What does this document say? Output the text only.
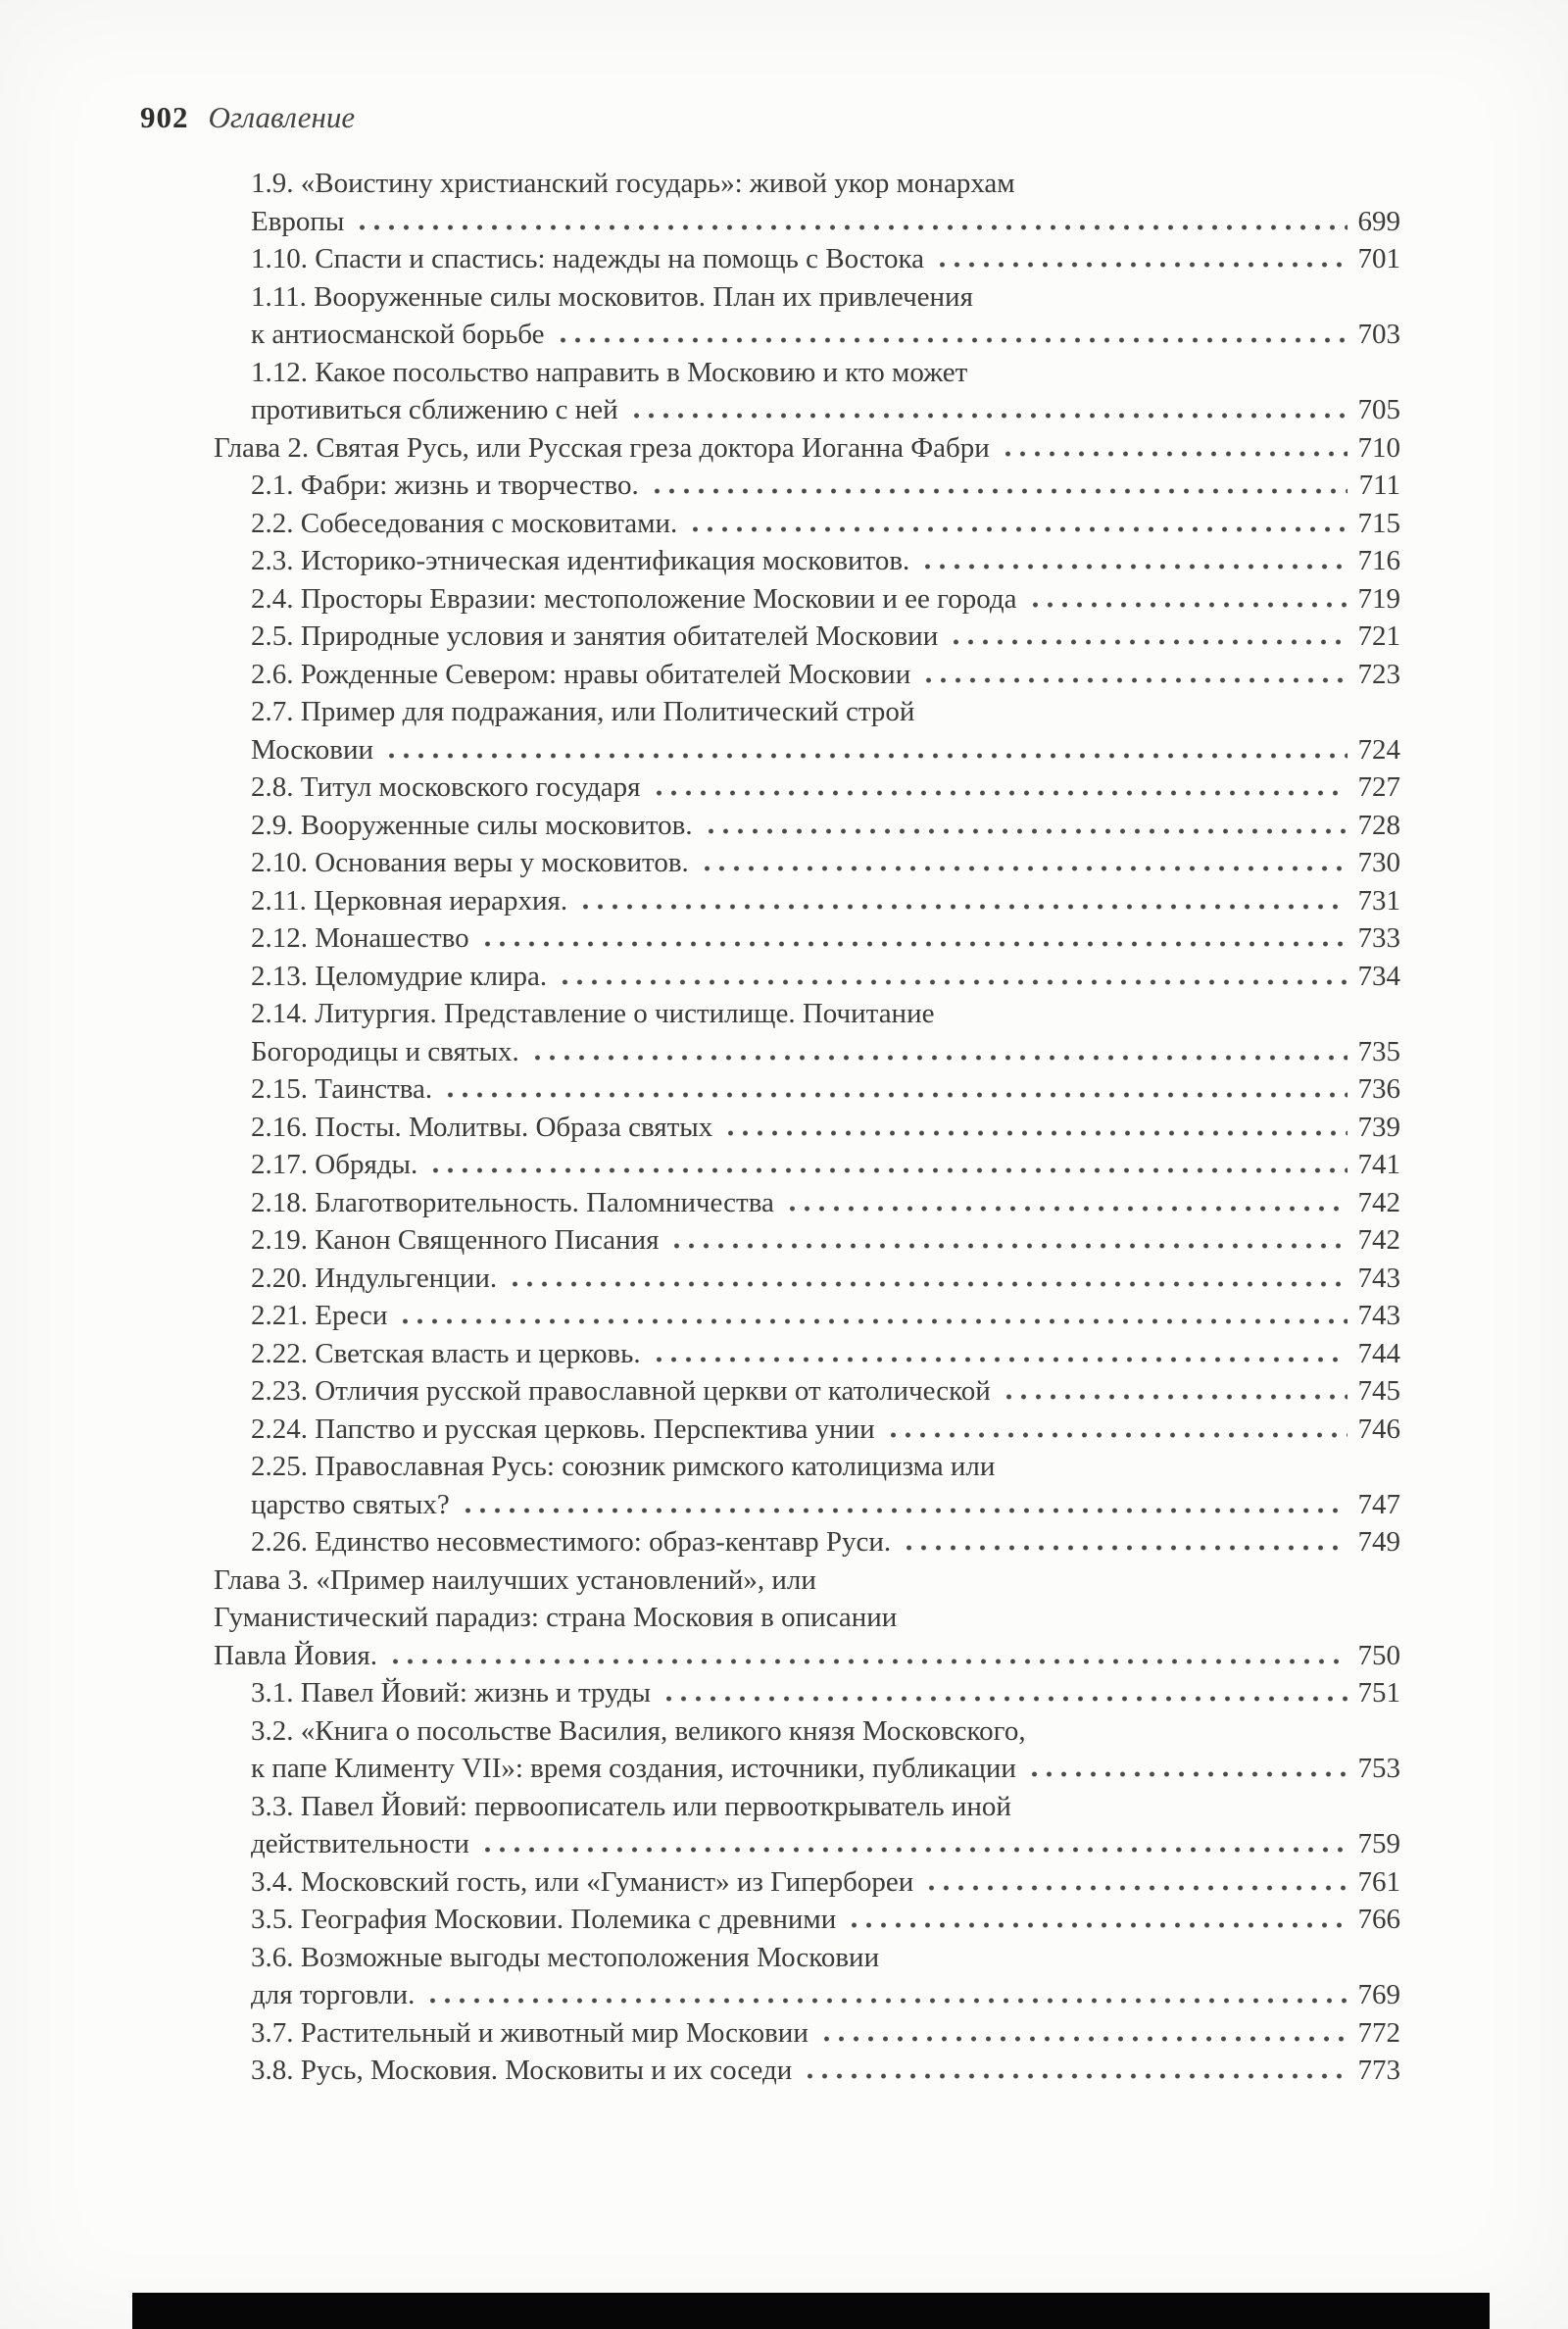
902 Оглавление
1.9. «Воистину христианский государь»: живой укор монархам
Европы	699
1.10. Спасти и спастись: надежды на помощь с Востока	701
1.11. Вооруженные силы московитов. План их привлечения
к антиосманской борьбе	703
1.12. Какое посольство направить в Московию и кто может
противиться сближению с ней	705
Глава 2. Святая Русь, или Русская греза доктора Иоганна Фабри	710
2.1. Фабри: жизнь и творчество.	711
2.2. Собеседования с московитами.	715
2.3. Историко-этническая идентификация московитов.	716
2.4. Просторы Евразии: местоположение Московии и ее города	719
2.5. Природные условия и занятия обитателей Московии	721
2.6. Рожденные Севером: нравы обитателей Московии	723
2.7. Пример для подражания, или Политический строй
Московии	724
2.8. Титул московского государя	727
2.9. Вооруженные силы московитов.	728
2.10. Основания веры у московитов.	730
2.11. Церковная иерархия.	731
2.12. Монашество	733
2.13. Целомудрие клира.	734
2.14. Литургия. Представление о чистилище. Почитание
Богородицы и святых.	735
2.15. Таинства.	736
2.16. Посты. Молитвы. Образа святых	739
2.17. Обряды.	741
2.18. Благотворительность. Паломничества	742
2.19. Канон Священного Писания	742
2.20. Индульгенции.	743
2.21. Ереси	743
2.22. Светская власть и церковь.	744
2.23. Отличия русской православной церкви от католической	745
2.24. Папство и русская церковь. Перспектива унии	746
2.25. Православная Русь: союзник римского католицизма или
царство святых?	747
2.26. Единство несовместимого: образ-кентавр Руси.	749
Глава 3. «Пример наилучших установлений», или
Гуманистический парадиз: страна Московия в описании
Павла Йовия.	750
3.1. Павел Йовий: жизнь и труды	751
3.2. «Книга о посольстве Василия, великого князя Московского,
к папе Клименту VII»: время создания, источники, публикации	753
3.3. Павел Йовий: первоописатель или первооткрыватель иной
действительности	759
3.4. Московский гость, или «Гуманист» из Гипербореи	761
3.5. География Московии. Полемика с древними	766
3.6. Возможные выгоды местоположения Московии
для торговли.	769
3.7. Растительный и животный мир Московии	772
3.8. Русь, Московия. Московиты и их соседи	773
